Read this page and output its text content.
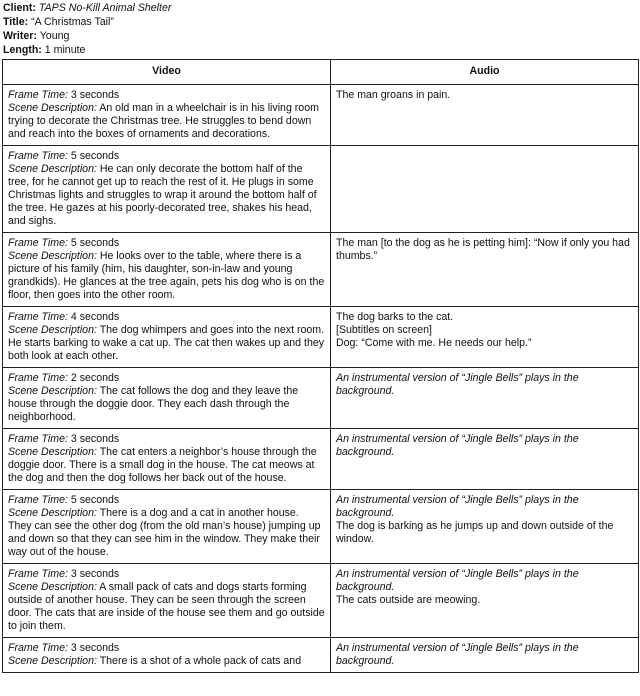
Client: TAPS No-Kill Animal Shelter
Title: “A Christmas Tail”
Writer: Young
Length: 1 minute
Video	Audio
Frame Time: 3 seconds
Scene Description: An old man in a wheelchair is in his living room trying to decorate the Christmas tree. He struggles to bend down and reach into the boxes of ornaments and decorations.	The man groans in pain.

Frame Time: 5 seconds
Scene Description: He can only decorate the bottom half of the tree, for he cannot get up to reach the rest of it. He plugs in some Christmas lights and struggles to wrap it around the bottom half of the tree. He gazes at his poorly-decorated tree, shakes his head, and sighs.	
Frame Time: 5 seconds
Scene Description: He looks over to the table, where there is a picture of his family (him, his daughter, son-in-law and young grandkids). He glances at the tree again, pets his dog who is on the floor, then goes into the other room.	The man [to the dog as he is petting him]: “Now if only you had thumbs.”

Frame Time: 4 seconds
Scene Description: The dog whimpers and goes into the next room. He starts barking to wake a cat up. The cat then wakes up and they both look at each other.	The dog barks to the cat.
[Subtitles on screen]
Dog: “Come with me. He needs our help.”

Frame Time: 2 seconds
Scene Description: The cat follows the dog and they leave the house through the doggie door. They each dash through the neighborhood.	An instrumental version of “Jingle Bells” plays in the background.

Frame Time: 3 seconds
Scene Description: The cat enters a neighbor’s house through the doggie door. There is a small dog in the house. The cat meows at the dog and then the dog follows her back out of the house.	An instrumental version of “Jingle Bells” plays in the background.

Frame Time: 5 seconds
Scene Description: There is a dog and a cat in another house. They can see the other dog (from the old man’s house) jumping up and down so that they can see him in the window. They make their way out of the house.	An instrumental version of “Jingle Bells” plays in the background.
The dog is barking as he jumps up and down outside of the window.

Frame Time: 3 seconds
Scene Description: A small pack of cats and dogs starts forming outside of another house. They can be seen through the screen door. The cats that are inside of the house see them and go outside to join them.	An instrumental version of “Jingle Bells” plays in the background.
The cats outside are meowing.

Frame Time: 3 seconds
Scene Description: There is a shot of a whole pack of cats and	An instrumental version of “Jingle Bells” plays in the background.
